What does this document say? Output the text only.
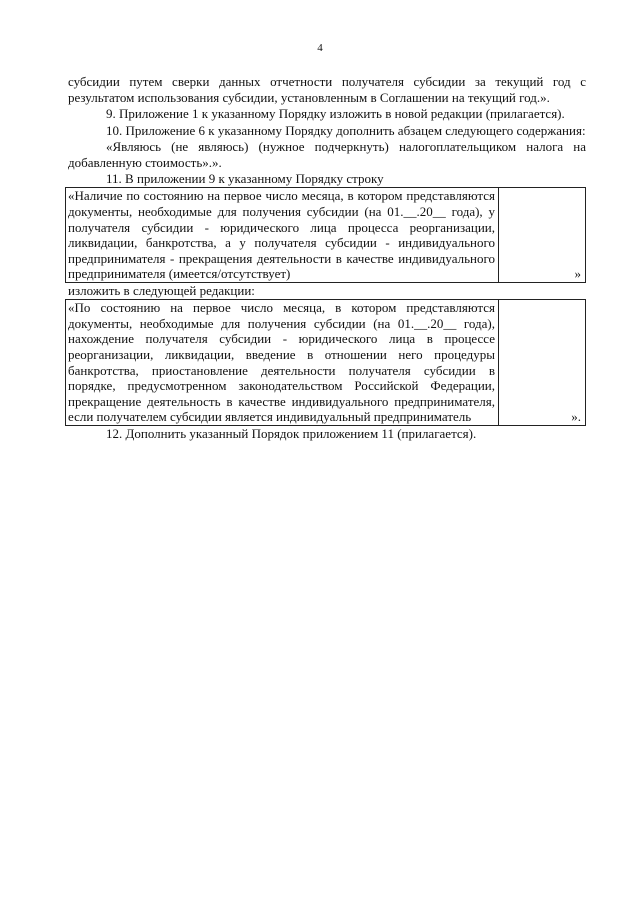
4

субсидии путем сверки данных отчетности получателя субсидии за текущий год с результатом использования субсидии, установленным в Соглашении на текущий год.».

9. Приложение 1 к указанному Порядку изложить в новой редакции (прилагается).

10. Приложение 6 к указанному Порядку дополнить абзацем следующего содержания:

«Являюсь (не являюсь) (нужное подчеркнуть) налогоплательщиком налога на добавленную стоимость».».

11. В приложении 9 к указанному Порядку строку

«Наличие по состоянию на первое число месяца, в котором представляются документы, необходимые для получения субсидии (на 01.__.20__ года), у получателя субсидии - юридического лица процесса реорганизации, ликвидации, банкротства, а у получателя субсидии - индивидуального предпринимателя - прекращения деятельности в качестве индивидуального предпринимателя (имеется/отсутствует)	»

изложить в следующей редакции:

«По состоянию на первое число месяца, в котором представляются документы, необходимые для получения субсидии (на 01.__.20__ года), нахождение получателя субсидии - юридического лица в процессе реорганизации, ликвидации, введение в отношении него процедуры банкротства, приостановление деятельности получателя субсидии в порядке, предусмотренном законодательством Российской Федерации, прекращение деятельность в качестве индивидуального предпринимателя, если получателем субсидии является индивидуальный предприниматель	».

12. Дополнить указанный Порядок приложением 11 (прилагается).
